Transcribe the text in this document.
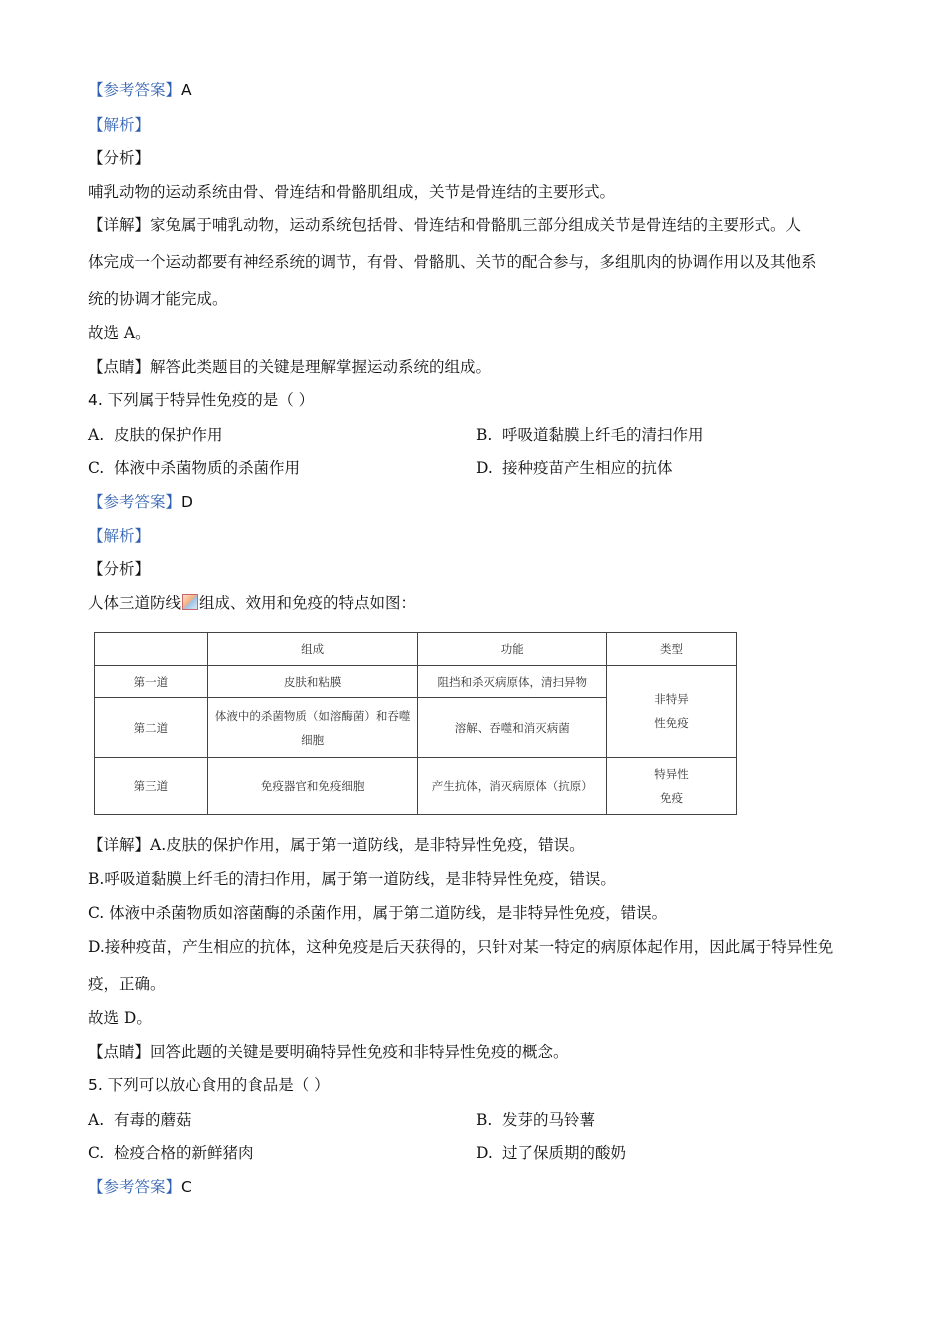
【参考答案】A
【解析】
【分析】
哺乳动物的运动系统由骨、骨连结和骨骼肌组成，关节是骨连结的主要形式。
【详解】家兔属于哺乳动物，运动系统包括骨、骨连结和骨骼肌三部分组成关节是骨连结的主要形式。人
体完成一个运动都要有神经系统的调节，有骨、骨骼肌、关节的配合参与，多组肌肉的协调作用以及其他系
统的协调才能完成。
故选 A。
【点睛】解答此类题目的关键是理解掌握运动系统的组成。
4. 下列属于特异性免疫的是（ ）
A. 皮肤的保护作用	B. 呼吸道黏膜上纤毛的清扫作用
C. 体液中杀菌物质的杀菌作用	D. 接种疫苗产生相应的抗体
【参考答案】D
【解析】
【分析】
人体三道防线 组成、效用和免疫的特点如图：
	组成	功能	类型
第一道	皮肤和粘膜	阻挡和杀灭病原体，清扫异物	非特异性免疫
第二道	体液中的杀菌物质（如溶酶菌）和吞噬细胞	溶解、吞噬和消灭病菌	
第三道	免疫器官和免疫细胞	产生抗体，消灭病原体（抗原）	特异性免疫
【详解】A.皮肤的保护作用，属于第一道防线，是非特异性免疫，错误。
B.呼吸道黏膜上纤毛的清扫作用，属于第一道防线，是非特异性免疫，错误。
C. 体液中杀菌物质如溶菌酶的杀菌作用，属于第二道防线，是非特异性免疫，错误。
D.接种疫苗，产生相应的抗体，这种免疫是后天获得的，只针对某一特定的病原体起作用，因此属于特异性免
疫，正确。
故选 D。
【点睛】回答此题的关键是要明确特异性免疫和非特异性免疫的概念。
5. 下列可以放心食用的食品是（ ）
A. 有毒的蘑菇	B. 发芽的马铃薯
C. 检疫合格的新鲜猪肉	D. 过了保质期的酸奶
【参考答案】C
